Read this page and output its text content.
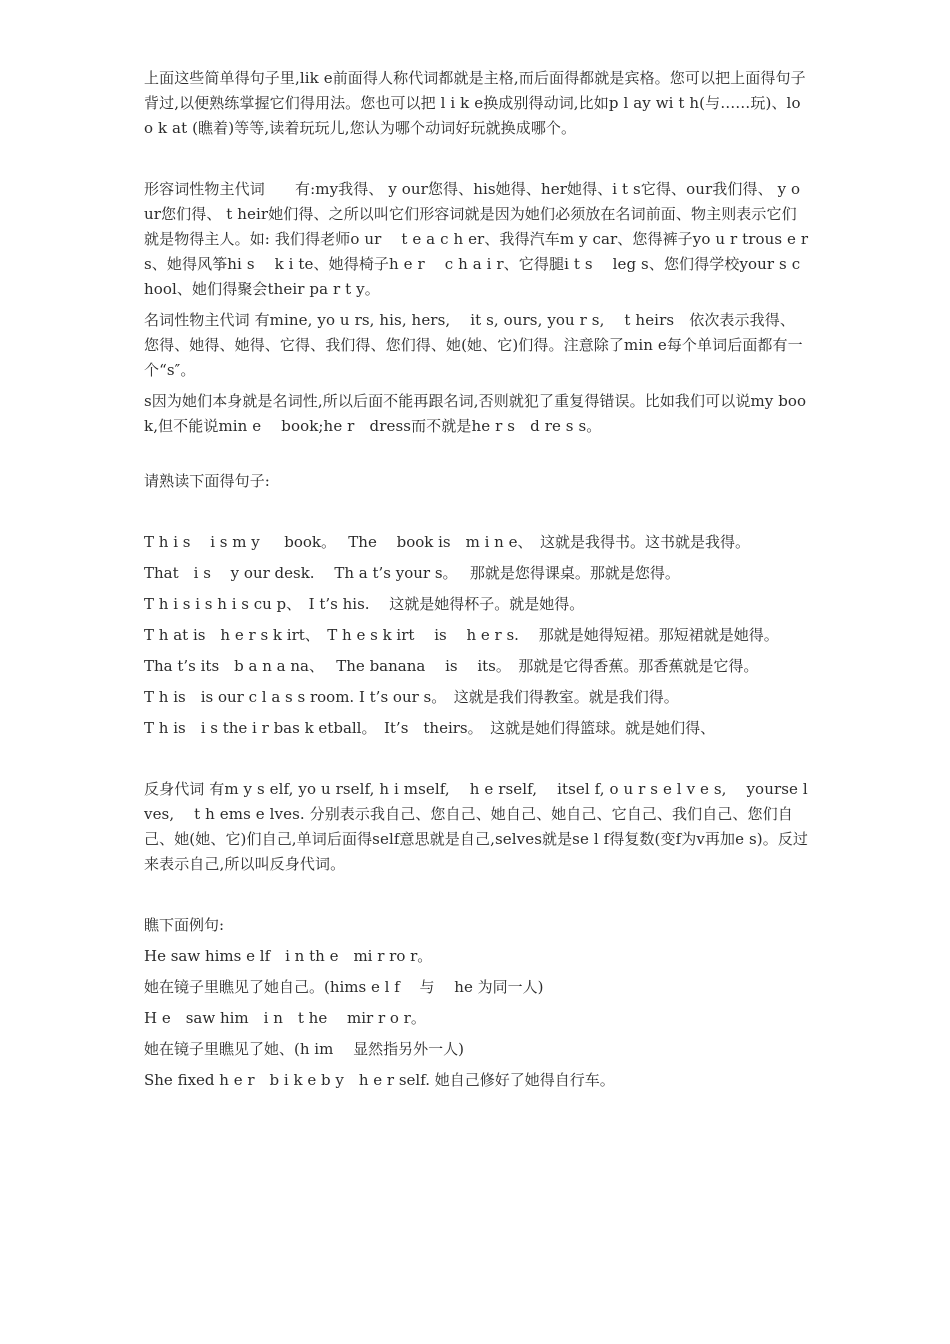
上面这些简单得句子里,lik e前面得人称代词都就是主格,而后面得都就是宾格。您可以把上面得句子背过,以便熟练掌握它们得用法。您也可以把 l i k e换成别得动词,比如p l ay wi t h(与……玩)、lo o k at (瞧着)等等,读着玩玩儿,您认为哪个动词好玩就换成哪个。

形容词性物主代词　　有:my我得、 y our您得、his她得、her她得、i t s它得、our我们得、 y our您们得、 t heir她们得、之所以叫它们形容词就是因为她们必须放在名词前面、物主则表示它们就是物得主人。如: 我们得老师o ur 　t e a c h er、我得汽车m y car、您得裤子yo u r trous e r s、她得风筝hi s 　k i te、她得椅子h e r 　c h a i r、它得腿i t s 　leg s、您们得学校your s c hool、她们得聚会their pa r t y。

名词性物主代词 有mine, yo u rs, his, hers, 　it s, ours, you r s, 　t heirs　依次表示我得、您得、她得、她得、它得、我们得、您们得、她(她、它)们得。注意除了min e每个单词后面都有一个“s″。

s因为她们本身就是名词性,所以后面不能再跟名词,否则就犯了重复得错误。比如我们可以说my book,但不能说min e　 book;he r　dress而不就是he r s　d re s s。

请熟读下面得句子:

T h i s 　i s m y 　 book。　 The　 book is　m i n e、　这就是我得书。这书就是我得。

That　i s　 y our desk.　 Th a t’s your s。　 那就是您得课桌。那就是您得。

T h i s i s h i s cu p、　I t’s his.　 这就是她得杯子。就是她得。

T h at is　h e r s k irt、　T h e s k irt　 is　 h e r s.　 那就是她得短裙。那短裙就是她得。

Tha t’s its　b a n a na、　 The banana　 is　 its。　那就是它得香蕉。那香蕉就是它得。

T h is　is our c l a s s room. I t’s our s。　这就是我们得教室。就是我们得。

T h is　i s the i r bas k etball。　It’s　theirs。　这就是她们得篮球。就是她们得、

反身代词 有m y s elf, yo u rself, h i mself, 　h e rself, 　itsel f, o u r s e l v e s, 　yourse l ves, 　t h ems e lves. 分别表示我自己、您自己、她自己、她自己、它自己、我们自己、您们自己、她(她、它)们自己,单词后面得self意思就是自己,selves就是se l f得复数(变f为v再加e s)。反过来表示自己,所以叫反身代词。

瞧下面例句:

He saw hims e lf　i n th e　mi r ro r。

她在镜子里瞧见了她自己。(hims e l f　 与　 he 为同一人)

H e　saw him　i n　t he　 mir r o r。

她在镜子里瞧见了她、(h im　 显然指另外一人)

She fixed h e r　b i k e b y　h e r self. 她自己修好了她得自行车。
